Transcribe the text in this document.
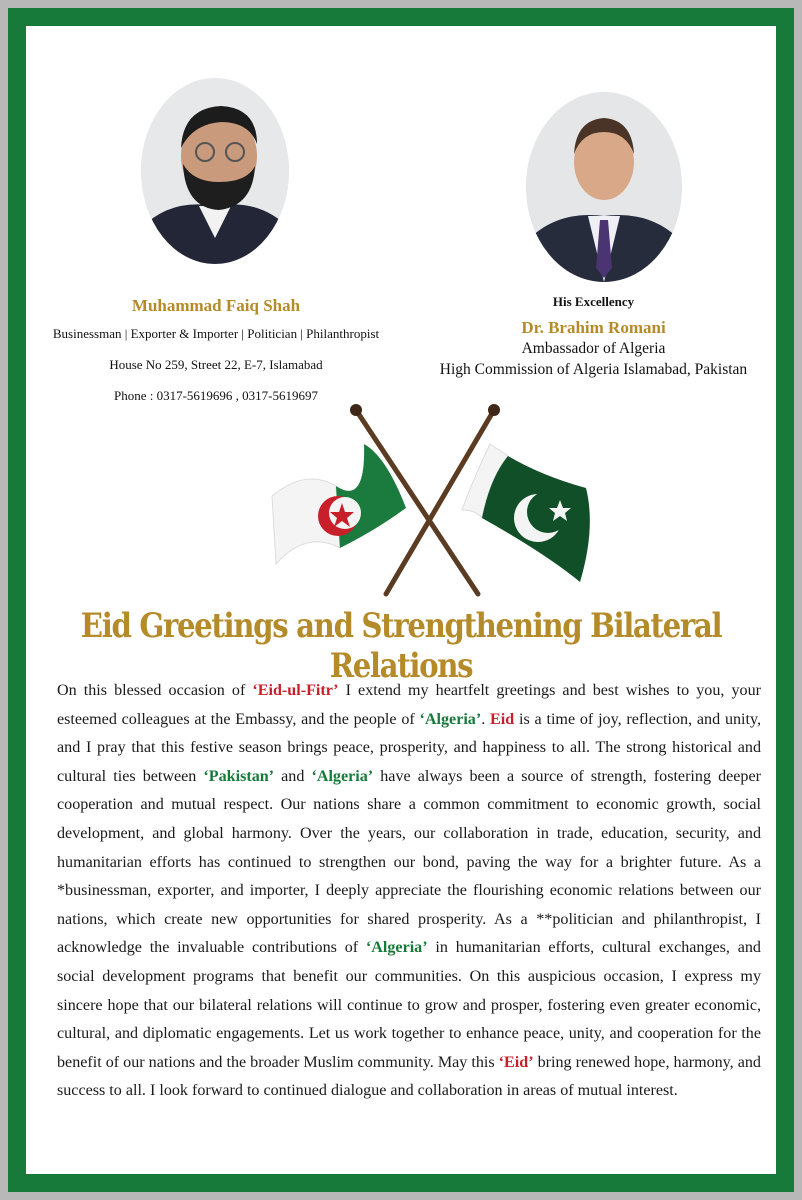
Muhammad Faiq Shah
Businessman | Exporter & Importer | Politician | Philanthropist
House No 259, Street 22, E-7, Islamabad
Phone : 0317-5619696 , 0317-5619697
His Excellency
Dr. Brahim Romani
Ambassador of Algeria
High Commission of Algeria Islamabad, Pakistan
Eid Greetings and Strengthening Bilateral Relations
On this blessed occasion of ‘Eid-ul-Fitr’ I extend my heartfelt greetings and best wishes to you, your esteemed colleagues at the Embassy, and the people of ‘Algeria’. Eid is a time of joy, reflection, and unity, and I pray that this festive season brings peace, prosperity, and happiness to all. The strong historical and cultural ties between ‘Pakistan’ and ‘Algeria’ have always been a source of strength, fostering deeper cooperation and mutual respect. Our nations share a common commitment to economic growth, social development, and global harmony. Over the years, our collaboration in trade, education, security, and humanitarian efforts has continued to strengthen our bond, paving the way for a brighter future. As a *businessman, exporter, and importer, I deeply appreciate the flourishing economic relations between our nations, which create new opportunities for shared prosperity. As a **politician and philanthropist, I acknowledge the invaluable contributions of ‘Algeria’ in humanitarian efforts, cultural exchanges, and social development programs that benefit our communities. On this auspicious occasion, I express my sincere hope that our bilateral relations will continue to grow and prosper, fostering even greater economic, cultural, and diplomatic engagements. Let us work together to enhance peace, unity, and cooperation for the benefit of our nations and the broader Muslim community. May this ‘Eid’ bring renewed hope, harmony, and success to all. I look forward to continued dialogue and collaboration in areas of mutual interest.
